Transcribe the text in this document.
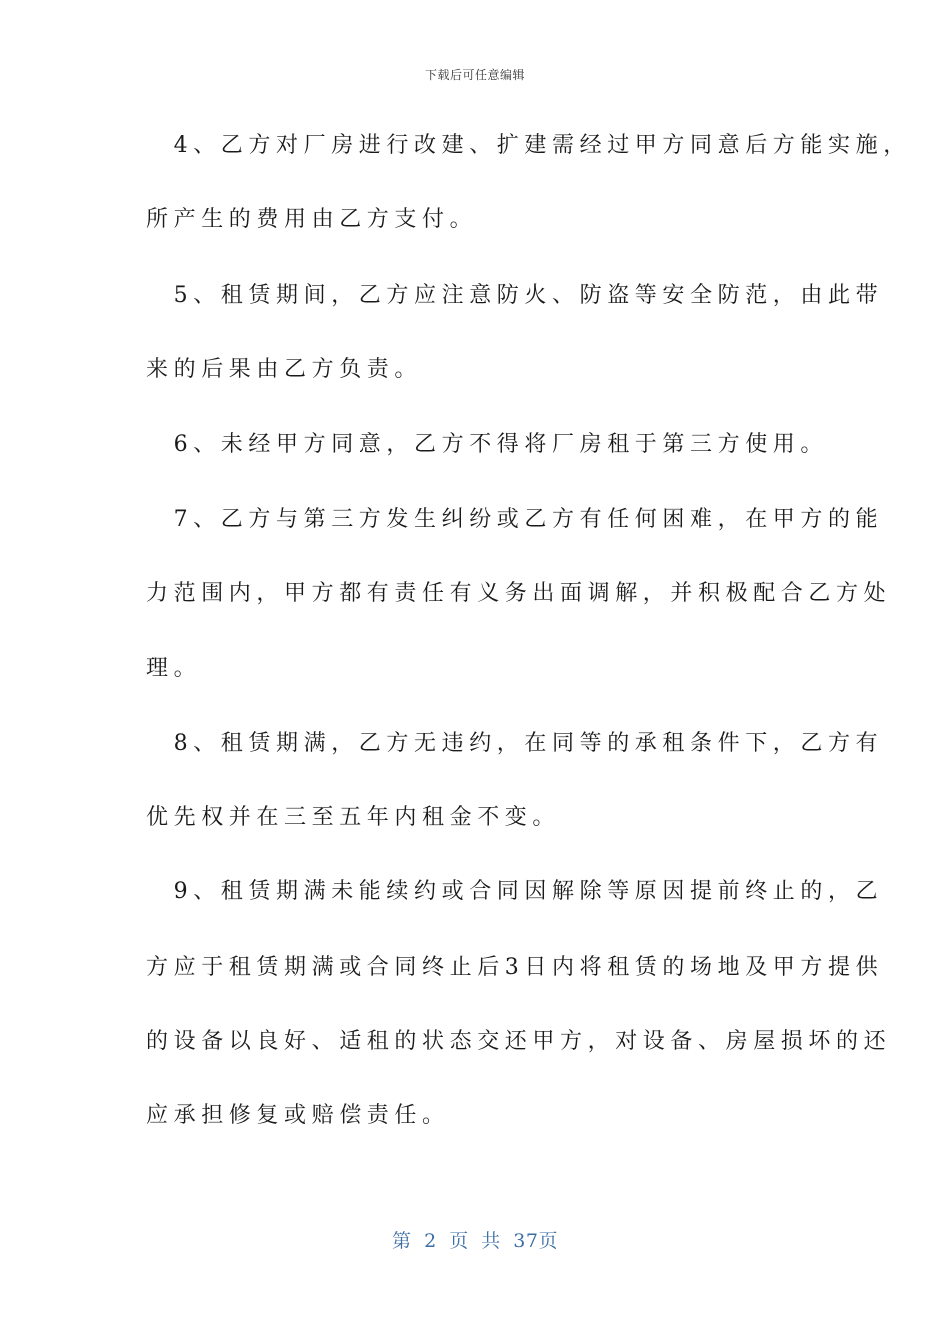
下载后可任意编辑
　4、乙方对厂房进行改建、扩建需经过甲方同意后方能实施，
所产生的费用由乙方支付。
　5、租赁期间，乙方应注意防火、防盗等安全防范，由此带
来的后果由乙方负责。
　6、未经甲方同意，乙方不得将厂房租于第三方使用。
　7、乙方与第三方发生纠纷或乙方有任何困难，在甲方的能
力范围内，甲方都有责任有义务出面调解，并积极配合乙方处
理。
　8、租赁期满，乙方无违约，在同等的承租条件下，乙方有
优先权并在三至五年内租金不变。
　9、租赁期满未能续约或合同因解除等原因提前终止的，乙
方应于租赁期满或合同终止后3日内将租赁的场地及甲方提供
的设备以良好、适租的状态交还甲方，对设备、房屋损坏的还
应承担修复或赔偿责任。
第 2 页 共 37页
